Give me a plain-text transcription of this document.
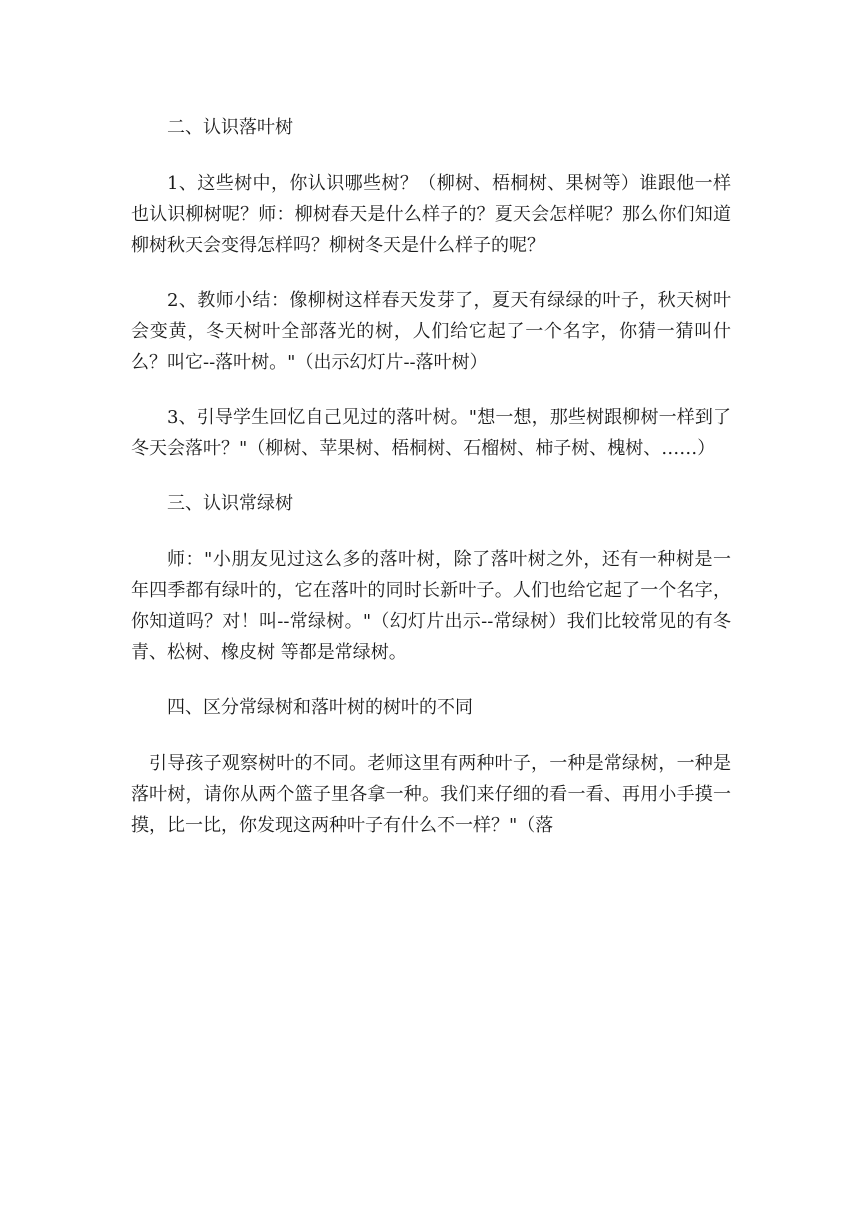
二、认识落叶树

1、这些树中，你认识哪些树？（柳树、梧桐树、果树等）谁跟他一样也认识柳树呢？师：柳树春天是什么样子的？夏天会怎样呢？那么你们知道柳树秋天会变得怎样吗？柳树冬天是什么样子的呢？

2、教师小结：像柳树这样春天发芽了，夏天有绿绿的叶子，秋天树叶会变黄，冬天树叶全部落光的树，人们给它起了一个名字，你猜一猜叫什么？叫它--落叶树。"（出示幻灯片--落叶树）

3、引导学生回忆自己见过的落叶树。"想一想，那些树跟柳树一样到了冬天会落叶？"（柳树、苹果树、梧桐树、石榴树、柿子树、槐树、……）

三、认识常绿树

师："小朋友见过这么多的落叶树，除了落叶树之外，还有一种树是一年四季都有绿叶的，它在落叶的同时长新叶子。人们也给它起了一个名字，你知道吗？对！叫--常绿树。"（幻灯片出示--常绿树）我们比较常见的有冬青、松树、橡皮树 等都是常绿树。

四、区分常绿树和落叶树的树叶的不同

引导孩子观察树叶的不同。老师这里有两种叶子，一种是常绿树，一种是落叶树，请你从两个篮子里各拿一种。我们来仔细的看一看、再用小手摸一摸，比一比，你发现这两种叶子有什么不一样？"（落
